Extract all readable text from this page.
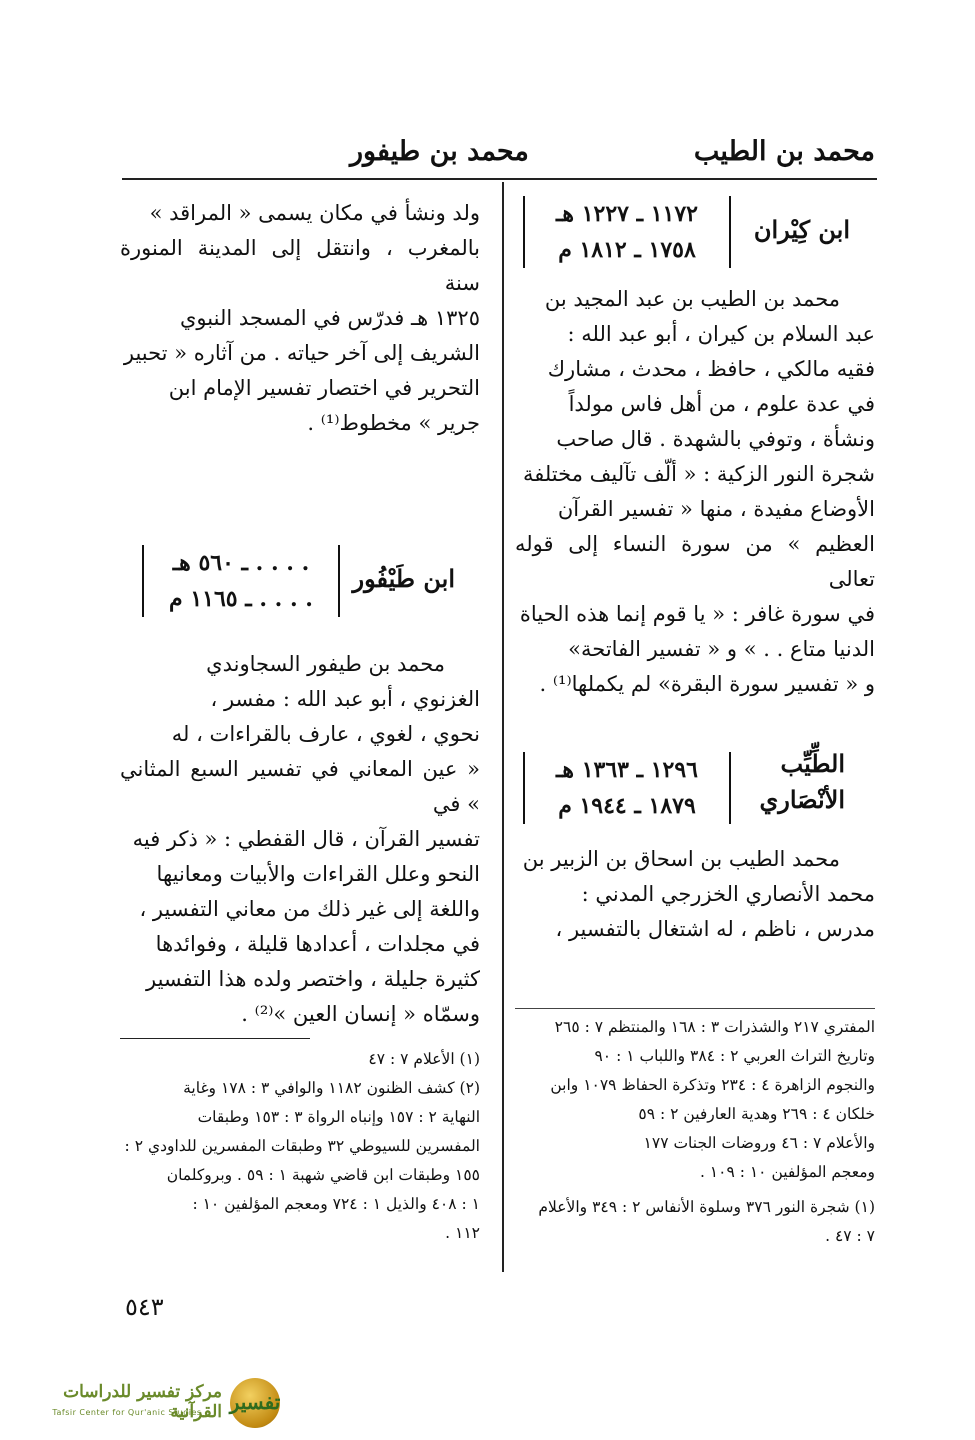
محمد بن الطيب
محمد بن طيفور
ابن كِيْران
١١٧٢ ـ ١٢٢٧ هـ
١٧٥٨ ـ ١٨١٢ م
محمد بن الطيب بن عبد المجيد بن
عبد السلام بن كيران ، أبو عبد الله :
فقيه مالكي ، حافظ ، محدث ، مشارك
في عدة علوم ، من أهل فاس مولداً
ونشأة ، وتوفي بالشهدة . قال صاحب
شجرة النور الزكية : « ألّف تآليف مختلفة
الأوضاع مفيدة ، منها « تفسير القرآن
العظيم » من سورة النساء إلى قوله تعالى
في سورة غافر : « يا قوم إنما هذه الحياة
الدنيا متاع . . » و « تفسير الفاتحة»
و « تفسير سورة البقرة» لم يكملها⁽¹⁾ .
الطِّيِّب
الأنْصَاري
١٢٩٦ ـ ١٣٦٣ هـ
١٨٧٩ ـ ١٩٤٤ م
محمد الطيب بن اسحاق بن الزبير بن
محمد الأنصاري الخزرجي المدني :
مدرس ، ناظم ، له اشتغال بالتفسير ،
المفتري ٢١٧ والشذرات ٣ : ١٦٨ والمنتظم ٧ : ٢٦٥
وتاريخ التراث العربي ٢ : ٣٨٤ واللباب ١ : ٩٠
والنجوم الزاهرة ٤ : ٢٣٤ وتذكرة الحفاظ ١٠٧٩ وابن
خلكان ٤ : ٢٦٩ وهدية العارفين ٢ : ٥٩
والأعلام ٧ : ٤٦ وروضات الجنات ١٧٧
ومعجم المؤلفين ١٠ : ١٠٩ .
(١) شجرة النور ٣٧٦ وسلوة الأنفاس ٢ : ٣٤٩ والأعلام
٧ : ٤٧ .
ولد ونشأ في مكان يسمى « المراقد »
بالمغرب ، وانتقل إلى المدينة المنورة سنة
١٣٢٥ هـ فدرّس في المسجد النبوي
الشريف إلى آخر حياته . من آثاره « تحبير
التحرير في اختصار تفسير الإمام ابن
جرير » مخطوط⁽¹⁾ .
ابن طَيْفُور
. . . . ـ ٥٦٠ هـ
. . . . ـ ١١٦٥ م
محمد بن طيفور السجاوندي
الغزنوي ، أبو عبد الله : مفسر ،
نحوي ، لغوي ، عارف بالقراءات ، له
« عين المعاني في تفسير السبع المثاني » في
تفسير القرآن ، قال القفطي : « ذكر فيه
النحو وعلل القراءات والأبيات ومعانيها
واللغة إلى غير ذلك من معاني التفسير ،
في مجلدات ، أعدادها قليلة ، وفوائدها
كثيرة جليلة ، واختصر ولده هذا التفسير
وسمّاه « إنسان العين »⁽²⁾ .
(١) الأعلام ٧ : ٤٧
(٢) كشف الظنون ١١٨٢ والوافي ٣ : ١٧٨ وغاية
النهاية ٢ : ١٥٧ وإنباه الرواة ٣ : ١٥٣ وطبقات
المفسرين للسيوطي ٣٢ وطبقات المفسرين للداودي ٢ :
١٥٥ وطبقات ابن قاضي شهبة ١ : ٥٩ . وبروكلمان
١ : ٤٠٨ والذيل ١ : ٧٢٤ ومعجم المؤلفين ١٠ :
١١٢ .
٥٤٣
مركز تفسير للدراسات القرآنية
Tafsir Center for Qur'anic Studies	تفسير
